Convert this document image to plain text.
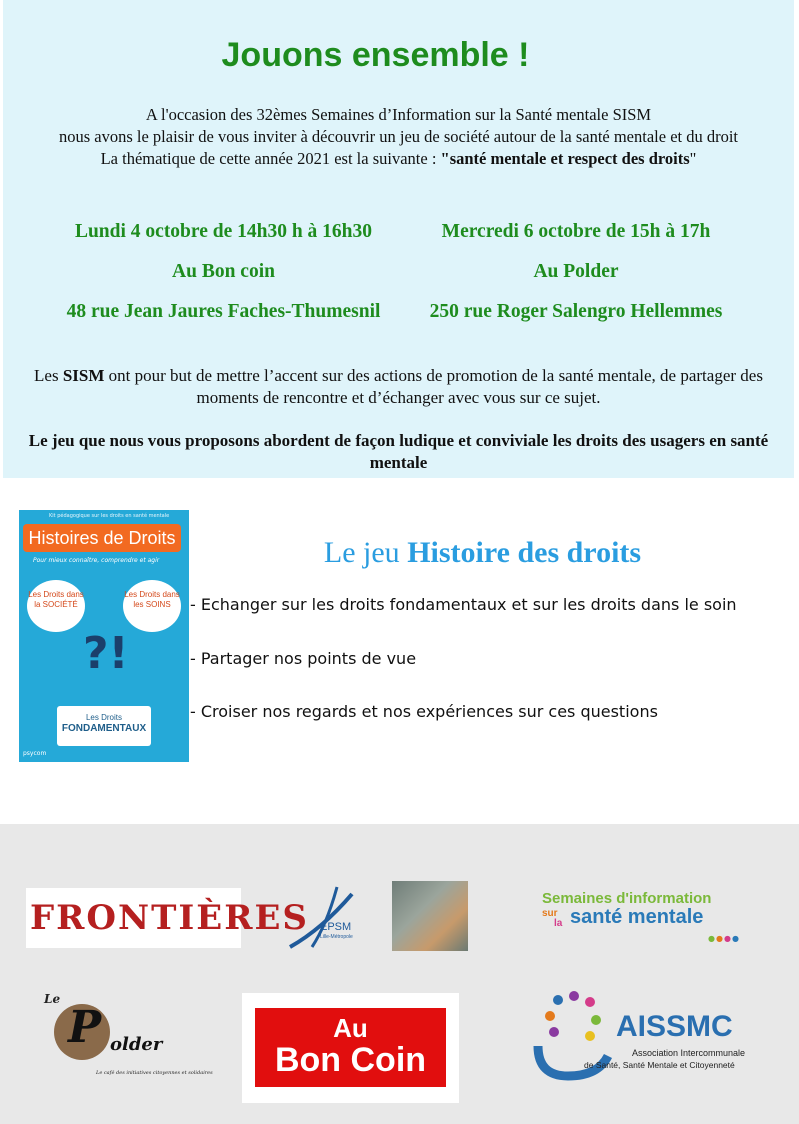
Jouons ensemble !
A l'occasion des 32èmes Semaines d’Information sur la Santé mentale SISM
nous avons le plaisir de vous inviter à découvrir un jeu de société autour de la santé mentale et du droit
La thématique de cette année 2021 est la suivante : "santé mentale et respect des droits"
Lundi 4 octobre de 14h30 h à 16h30
Au Bon coin
48 rue Jean Jaures Faches-Thumesnil
Mercredi 6 octobre de 15h à 17h
Au Polder
250 rue Roger Salengro Hellemmes
Les SISM ont pour but de mettre l’accent sur des actions de promotion de la santé mentale, de partager des moments de rencontre et d’échanger avec vous sur ce sujet.
Le jeu que nous vous proposons abordent de façon ludique et conviviale les droits des usagers en santé mentale
Kit pédagogique sur les droits en santé mentale
Histoires de Droits
Pour mieux connaître, comprendre et agir
Les Droits dans la SOCIÉTÉ
Les Droits dans les SOINS
?!
Les Droits
FONDAMENTAUX
psycom
Le jeu Histoire des droits
- Echanger sur les droits fondamentaux et sur les droits dans le soin
- Partager nos points de vue
- Croiser nos regards et nos expériences sur ces questions
FRONTIÈRES EPSM
Lille-Métropole
Semaines d'information
sur
la santé mentale
●●●●
Le
P older
Le café des initiatives citoyennes et solidaires
Au
Bon Coin
AISSMC
Association Intercommunale
de Santé, Santé Mentale et Citoyenneté
